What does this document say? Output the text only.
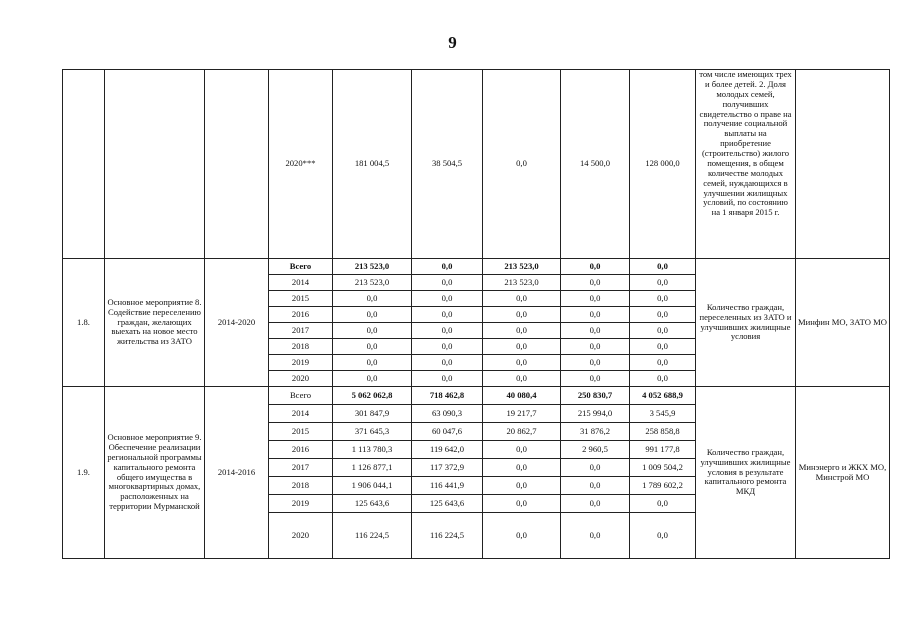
9
			2020***	181 004,5	38 504,5	0,0	14 500,0	128 000,0	том числе имеющих трех и более детей. 2. Доля молодых семей, получивших свидетельство о праве на получение социальной выплаты на приобретение (строительство) жилого помещения, в общем количестве молодых семей, нуждающихся в улучшении жилищных условий, по состоянию на 1 января 2015 г.	
1.8.	Основное мероприятие 8. Содействие переселению граждан, желающих выехать на новое место жительства из ЗАТО	2014-2020	Всего	213 523,0	0,0	213 523,0	0,0	0,0	Количество граждан, переселенных из ЗАТО и улучшивших жилищные условия	Минфин МО, ЗАТО МО
			2014	213 523,0	0,0	213 523,0	0,0	0,0		
			2015	0,0	0,0	0,0	0,0	0,0		
			2016	0,0	0,0	0,0	0,0	0,0		
			2017	0,0	0,0	0,0	0,0	0,0		
			2018	0,0	0,0	0,0	0,0	0,0		
			2019	0,0	0,0	0,0	0,0	0,0		
			2020	0,0	0,0	0,0	0,0	0,0		
1.9.	Основное мероприятие 9. Обеспечение реализации региональной программы капитального ремонта общего имущества в многоквартирных домах, расположенных на территории Мурманской	2014-2016	Всего	5 062 062,8	718 462,8	40 080,4	250 830,7	4 052 688,9	Количество граждан, улучшивших жилищные условия в результате капитального ремонта МКД	Минэнерго и ЖКХ МО, Минстрой МО
			2014	301 847,9	63 090,3	19 217,7	215 994,0	3 545,9		
			2015	371 645,3	60 047,6	20 862,7	31 876,2	258 858,8		
			2016	1 113 780,3	119 642,0	0,0	2 960,5	991 177,8		
			2017	1 126 877,1	117 372,9	0,0	0,0	1 009 504,2		
			2018	1 906 044,1	116 441,9	0,0	0,0	1 789 602,2		
			2019	125 643,6	125 643,6	0,0	0,0	0,0		
			2020	116 224,5	116 224,5	0,0	0,0	0,0		
